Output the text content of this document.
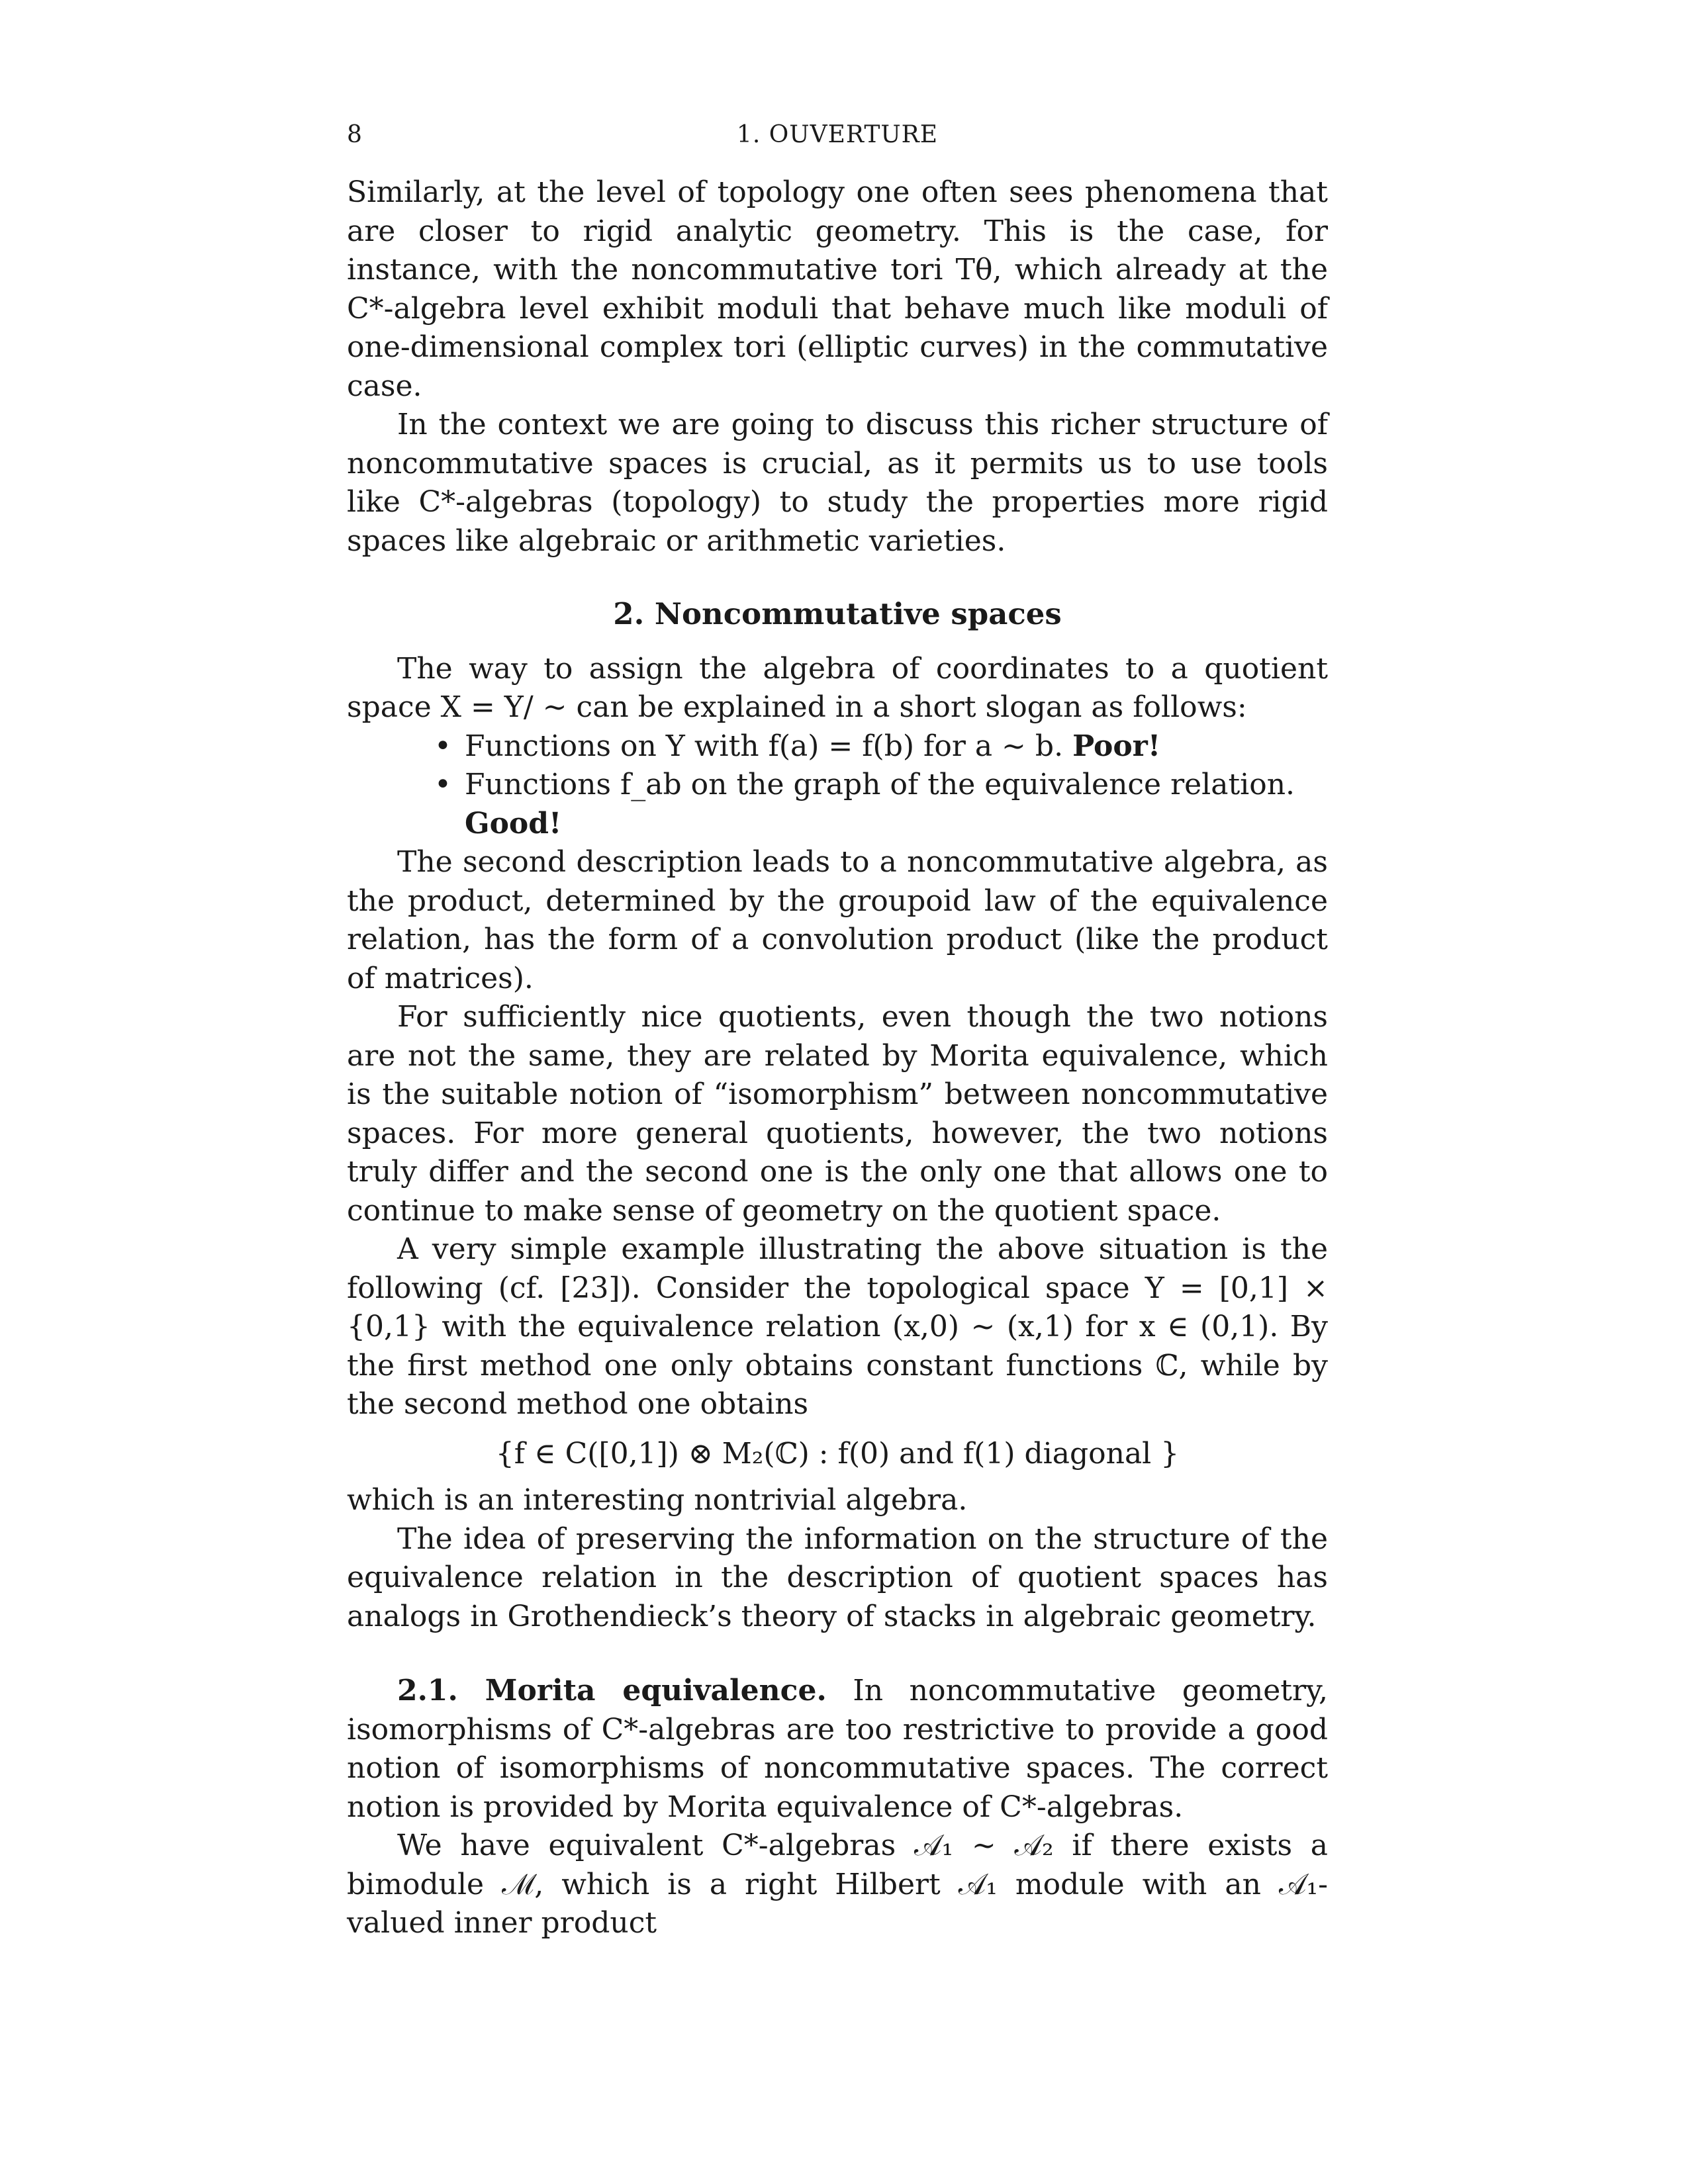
8	1. OUVERTURE

Similarly, at the level of topology one often sees phenomena that are closer to rigid analytic geometry. This is the case, for instance, with the noncommutative tori Tθ, which already at the C*-algebra level exhibit moduli that behave much like moduli of one-dimensional complex tori (elliptic curves) in the commutative case.

In the context we are going to discuss this richer structure of noncommutative spaces is crucial, as it permits us to use tools like C*-algebras (topology) to study the properties more rigid spaces like algebraic or arithmetic varieties.

2. Noncommutative spaces

The way to assign the algebra of coordinates to a quotient space X = Y/ ∼ can be explained in a short slogan as follows:

• Functions on Y with f(a) = f(b) for a ∼ b. Poor!
• Functions f_ab on the graph of the equivalence relation. Good!

The second description leads to a noncommutative algebra, as the product, determined by the groupoid law of the equivalence relation, has the form of a convolution product (like the product of matrices).

For sufficiently nice quotients, even though the two notions are not the same, they are related by Morita equivalence, which is the suitable notion of “isomorphism” between noncommutative spaces. For more general quotients, however, the two notions truly differ and the second one is the only one that allows one to continue to make sense of geometry on the quotient space.

A very simple example illustrating the above situation is the following (cf. [23]). Consider the topological space Y = [0,1] × {0,1} with the equivalence relation (x,0) ∼ (x,1) for x ∈ (0,1). By the first method one only obtains constant functions ℂ, while by the second method one obtains

{f ∈ C([0,1]) ⊗ M₂(ℂ) : f(0) and f(1) diagonal }

which is an interesting nontrivial algebra.

The idea of preserving the information on the structure of the equivalence relation in the description of quotient spaces has analogs in Grothendieck’s theory of stacks in algebraic geometry.

2.1. Morita equivalence. In noncommutative geometry, isomorphisms of C*-algebras are too restrictive to provide a good notion of isomorphisms of noncommutative spaces. The correct notion is provided by Morita equivalence of C*-algebras.

We have equivalent C*-algebras 𝒜₁ ∼ 𝒜₂ if there exists a bimodule ℳ, which is a right Hilbert 𝒜₁ module with an 𝒜₁-valued inner product
